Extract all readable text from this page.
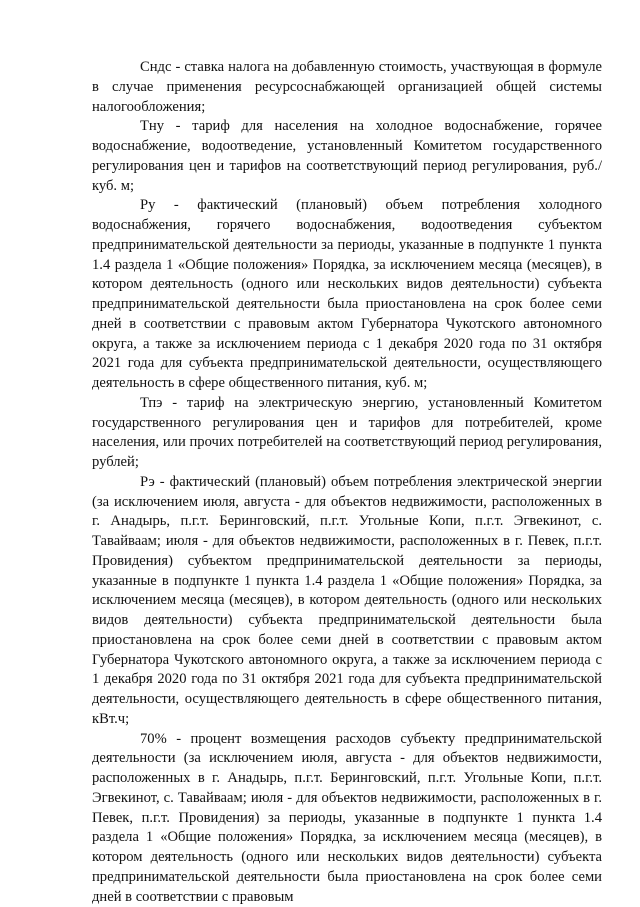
Сндс - ставка налога на добавленную стоимость, участвующая в формуле в случае применения ресурсоснабжающей организацией общей системы налогообложения;

Тну - тариф для населения на холодное водоснабжение, горячее водоснабжение, водоотведение, установленный Комитетом государственного регулирования цен и тарифов на соответствующий период регулирования, руб./куб. м;

Ру - фактический (плановый) объем потребления холодного водоснабжения, горячего водоснабжения, водоотведения субъектом предпринимательской деятельности за периоды, указанные в подпункте 1 пункта 1.4 раздела 1 «Общие положения» Порядка, за исключением месяца (месяцев), в котором деятельность (одного или нескольких видов деятельности) субъекта предпринимательской деятельности была приостановлена на срок более семи дней в соответствии с правовым актом Губернатора Чукотского автономного округа, а также за исключением периода с 1 декабря 2020 года по 31 октября 2021 года для субъекта предпринимательской деятельности, осуществляющего деятельность в сфере общественного питания, куб. м;

Тпэ - тариф на электрическую энергию, установленный Комитетом государственного регулирования цен и тарифов для потребителей, кроме населения, или прочих потребителей на соответствующий период регулирования, рублей;

Рэ - фактический (плановый) объем потребления электрической энергии (за исключением июля, августа - для объектов недвижимости, расположенных в г. Анадырь, п.г.т. Беринговский, п.г.т. Угольные Копи, п.г.т. Эгвекинот, с. Тавайваам; июля - для объектов недвижимости, расположенных в г. Певек, п.г.т. Провидения) субъектом предпринимательской деятельности за периоды, указанные в подпункте 1 пункта 1.4 раздела 1 «Общие положения» Порядка, за исключением месяца (месяцев), в котором деятельность (одного или нескольких видов деятельности) субъекта предпринимательской деятельности была приостановлена на срок более семи дней в соответствии с правовым актом Губернатора Чукотского автономного округа, а также за исключением периода с 1 декабря 2020 года по 31 октября 2021 года для субъекта предпринимательской деятельности, осуществляющего деятельность в сфере общественного питания, кВт.ч;

70% - процент возмещения расходов субъекту предпринимательской деятельности (за исключением июля, августа - для объектов недвижимости, расположенных в г. Анадырь, п.г.т. Беринговский, п.г.т. Угольные Копи, п.г.т. Эгвекинот, с. Тавайваам; июля - для объектов недвижимости, расположенных в г. Певек, п.г.т. Провидения) за периоды, указанные в подпункте 1 пункта 1.4 раздела 1 «Общие положения» Порядка, за исключением месяца (месяцев), в котором деятельность (одного или нескольких видов деятельности) субъекта предпринимательской деятельности была приостановлена на срок более семи дней в соответствии с правовым
